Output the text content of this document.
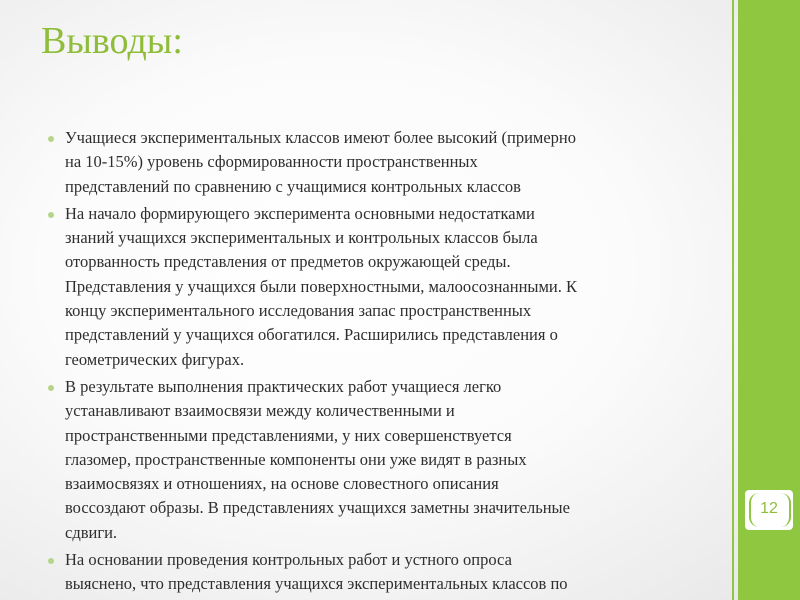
Выводы:
Учащиеся экспериментальных классов имеют более высокий (примерно
на 10-15%) уровень сформированности пространственных
представлений по сравнению с учащимися контрольных классов
На начало формирующего эксперимента основными недостатками
знаний учащихся экспериментальных и контрольных классов была
оторванность представления от предметов окружающей среды.
Представления у учащихся были поверхностными, малоосознанными. К
концу экспериментального исследования запас пространственных
представлений у учащихся обогатился. Расширились представления о
геометрических фигурах.
В результате выполнения практических работ учащиеся легко
устанавливают взаимосвязи между количественными и
пространственными представлениями, у них совершенствуется
глазомер, пространственные компоненты они уже видят в разных
взаимосвязях и отношениях, на основе словестного описания
воссоздают образы. В представлениях учащихся заметны значительные
сдвиги.
На основании проведения контрольных работ и устного опроса
выяснено, что представления учащихся экспериментальных классов по
12
